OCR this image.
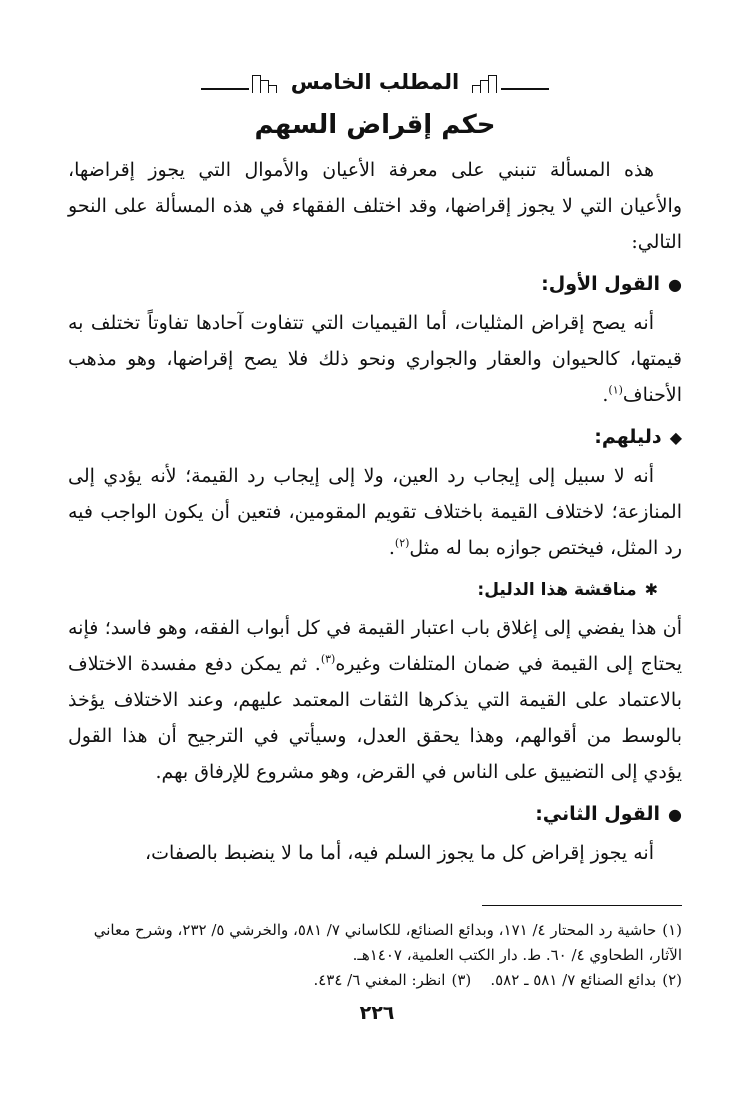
المطلب الخامس
حكم إقراض السهم

هذه المسألة تنبني على معرفة الأعيان والأموال التي يجوز إقراضها، والأعيان التي لا يجوز إقراضها، وقد اختلف الفقهاء في هذه المسألة على النحو التالي:

●القول الأول:

أنه يصح إقراض المثليات، أما القيميات التي تتفاوت آحادها تفاوتاً تختلف به قيمتها، كالحيوان والعقار والجواري ونحو ذلك فلا يصح إقراضها، وهو مذهب الأحناف$^{(١)}$.

◆دليلهم:

أنه لا سبيل إلى إيجاب رد العين، ولا إلى إيجاب رد القيمة؛ لأنه يؤدي إلى المنازعة؛ لاختلاف القيمة باختلاف تقويم المقومين، فتعين أن يكون الواجب فيه رد المثل، فيختص جوازه بما له مثل$^{(٢)}$.

✱مناقشة هذا الدليل:

أن هذا يفضي إلى إغلاق باب اعتبار القيمة في كل أبواب الفقه، وهو فاسد؛ فإنه يحتاج إلى القيمة في ضمان المتلفات وغيره$^{(٣)}$. ثم يمكن دفع مفسدة الاختلاف بالاعتماد على القيمة التي يذكرها الثقات المعتمد عليهم، وعند الاختلاف يؤخذ بالوسط من أقوالهم، وهذا يحقق العدل، وسيأتي في الترجيح أن هذا القول يؤدي إلى التضييق على الناس في القرض، وهو مشروع للإرفاق بهم.

●القول الثاني:

أنه يجوز إقراض كل ما يجوز السلم فيه، أما ما لا ينضبط بالصفات،

(١)حاشية رد المحتار ٤/ ١٧١، وبدائع الصنائع، للكاساني ٧/ ٥٨١، والخرشي ٥/ ٢٣٢، وشرح معاني الآثار، الطحاوي ٤/ ٦٠. ط. دار الكتب العلمية، ١٤٠٧هـ.

(٢)بدائع الصنائع ٧/ ٥٨١ ـ ٥٨٢.    (٣)انظر: المغني ٦/ ٤٣٤.

٢٢٦
